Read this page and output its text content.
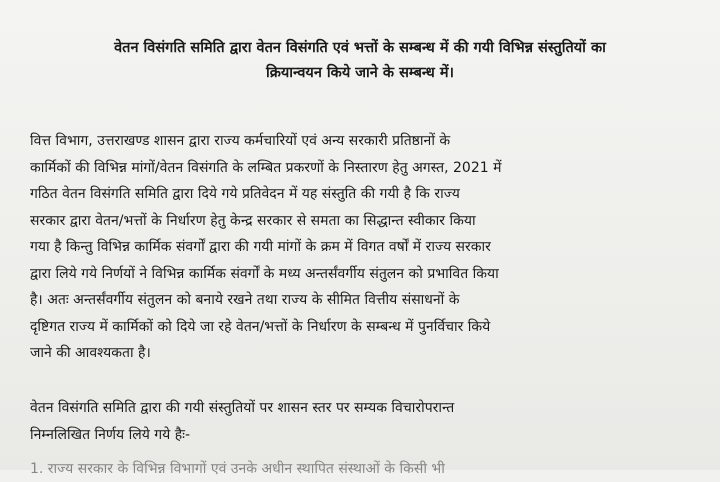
वेतन विसंगति समिति द्वारा वेतन विसंगति एवं भत्तों के सम्बन्ध में की गयी विभिन्न संस्तुतियों का
क्रियान्वयन किये जाने के सम्बन्ध में।
वित्त विभाग, उत्तराखण्ड शासन द्वारा राज्य कर्मचारियों एवं अन्य सरकारी प्रतिष्ठानों के
कार्मिकों की विभिन्न मांगों/वेतन विसंगति के लम्बित प्रकरणों के निस्तारण हेतु अगस्त, 2021 में
गठित वेतन विसंगति समिति द्वारा दिये गये प्रतिवेदन में यह संस्तुति की गयी है कि राज्य
सरकार द्वारा वेतन/भत्तों के निर्धारण हेतु केन्द्र सरकार से समता का सिद्धान्त स्वीकार किया
गया है किन्तु विभिन्न कार्मिक संवर्गों द्वारा की गयी मांगों के क्रम में विगत वर्षों में राज्य सरकार
द्वारा लिये गये निर्णयों ने विभिन्न कार्मिक संवर्गों के मध्य अन्तर्संवर्गीय संतुलन को प्रभावित किया
है। अतः अन्तर्संवर्गीय संतुलन को बनाये रखने तथा राज्य के सीमित वित्तीय संसाधनों के
दृष्टिगत राज्य में कार्मिकों को दिये जा रहे वेतन/भत्तों के निर्धारण के सम्बन्ध में पुनर्विचार किये
जाने की आवश्यकता है।
वेतन विसंगति समिति द्वारा की गयी संस्तुतियों पर शासन स्तर पर सम्यक विचारोपरान्त
निम्नलिखित निर्णय लिये गये हैः-
1. राज्य सरकार के विभिन्न विभागों एवं उनके अधीन स्थापित संस्थाओं के किसी भी
